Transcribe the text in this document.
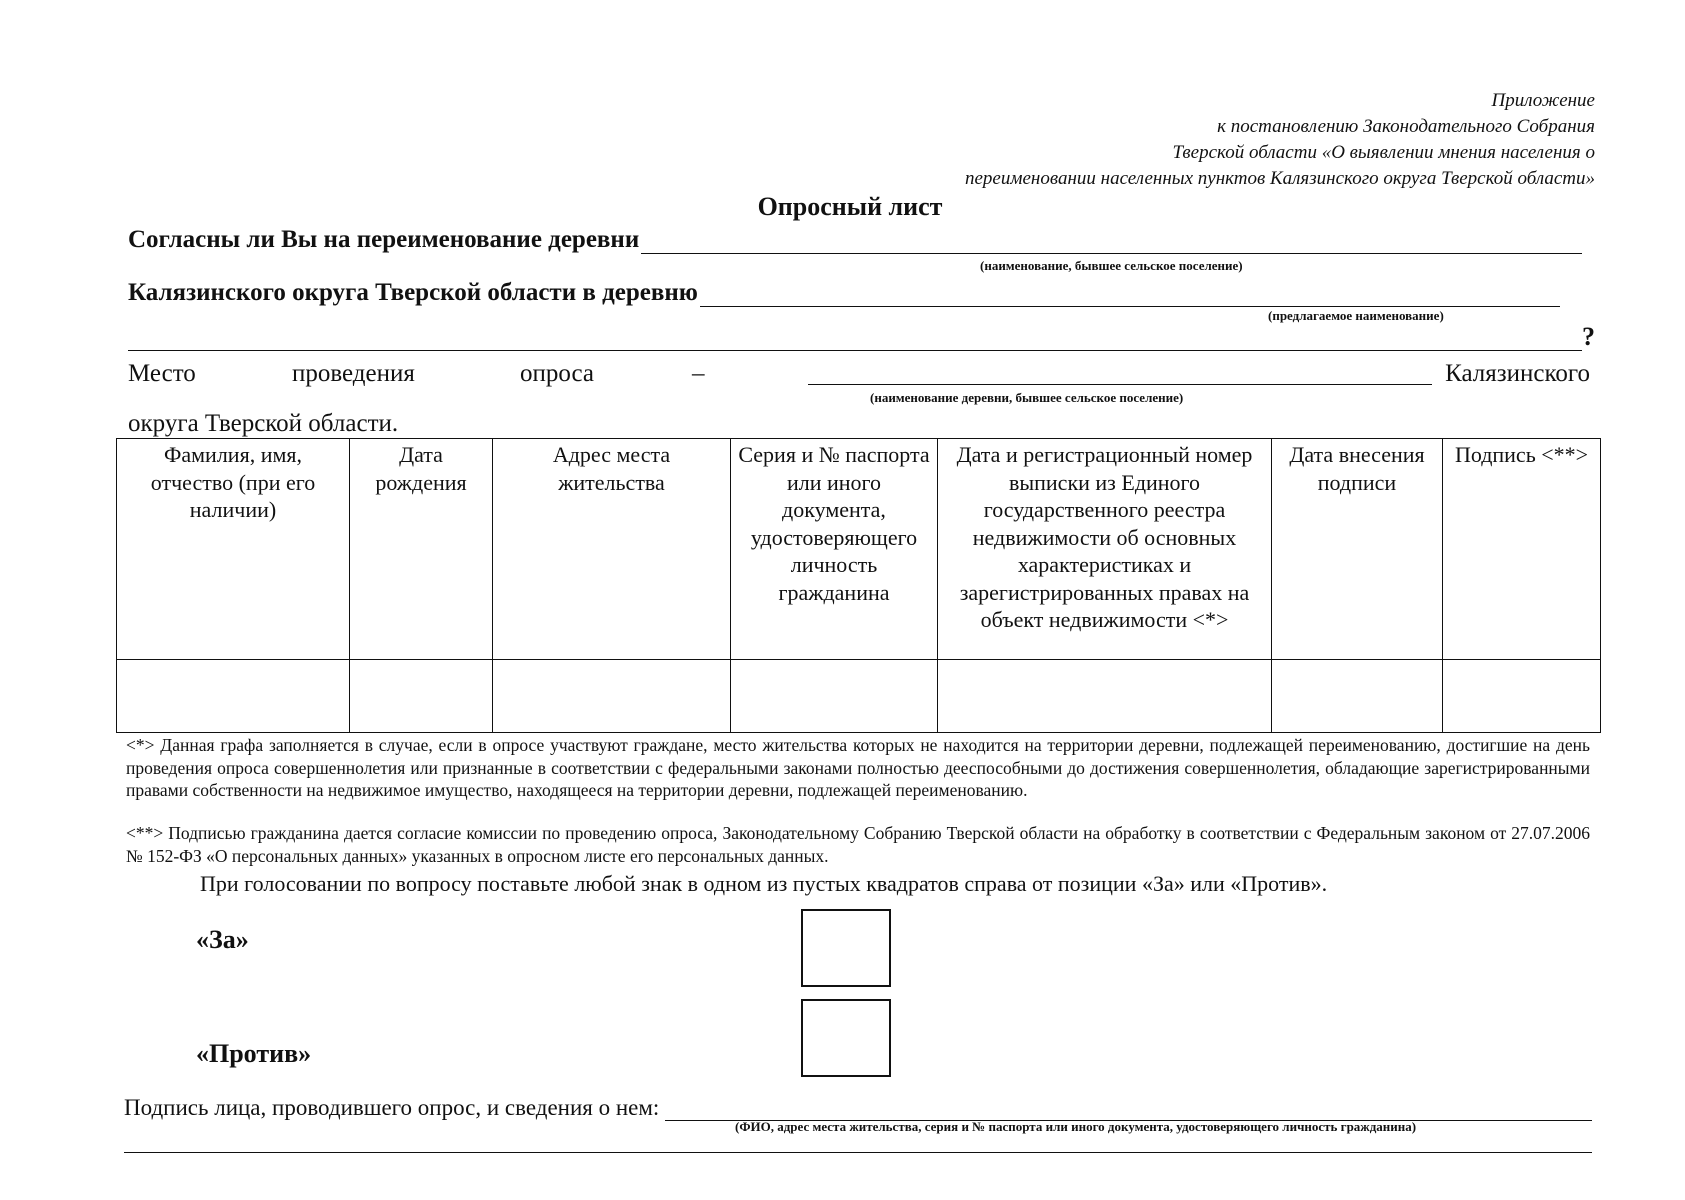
Приложение
к постановлению Законодательного Собрания
Тверской области «О выявлении мнения населения о
переименовании населенных пунктов Калязинского округа Тверской области»
Опросный лист
Согласны ли Вы на переименование деревни
(наименование, бывшее сельское поселение)
Калязинского округа Тверской области в деревню
(предлагаемое наименование)
?
Место	проведения	опроса	–	Калязинского
(наименование деревни, бывшее сельское поселение)
округа Тверской области.
Фамилия, имя, отчество (при его наличии)	Дата рождения	Адрес места жительства	Серия и № паспорта или иного документа, удостоверяющего личность гражданина	Дата и регистрационный номер выписки из Единого государственного реестра недвижимости об основных характеристиках и зарегистрированных правах на объект недвижимости <*>	Дата внесения подписи	Подпись <**>

<*> Данная графа заполняется в случае, если в опросе участвуют граждане, место жительства которых не находится на территории деревни, подлежащей переименованию, достигшие на день проведения опроса совершеннолетия или признанные в соответствии с федеральными законами полностью дееспособными до достижения совершеннолетия, обладающие зарегистрированными правами собственности на недвижимое имущество, находящееся на территории деревни, подлежащей переименованию.
<**> Подписью гражданина дается согласие комиссии по проведению опроса, Законодательному Собранию Тверской области на обработку в соответствии с Федеральным законом от 27.07.2006 № 152-ФЗ «О персональных данных» указанных в опросном листе его персональных данных.
При голосовании по вопросу поставьте любой знак в одном из пустых квадратов справа от позиции «За» или «Против».
«За»
«Против»
Подпись лица, проводившего опрос, и сведения о нем:
(ФИО, адрес места жительства, серия и № паспорта или иного документа, удостоверяющего личность гражданина)
